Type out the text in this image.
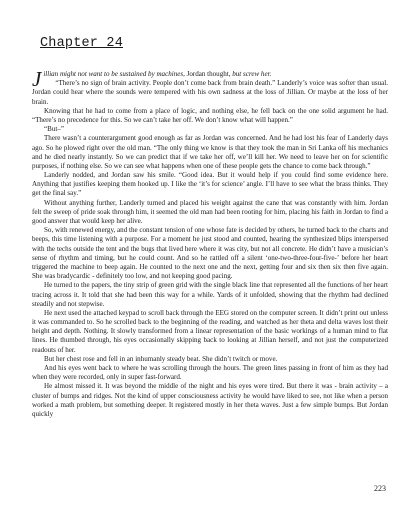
Chapter 24

Jillian might not want to be sustained by machines, Jordan thought, but screw her.

“There’s no sign of brain activity. People don’t come back from brain death.” Landerly’s voice was softer than usual. Jordan could hear where the sounds were tempered with his own sadness at the loss of Jillian. Or maybe at the loss of her brain.

Knowing that he had to come from a place of logic, and nothing else, he fell back on the one solid argument he had. “There’s no precedence for this. So we can’t take her off. We don’t know what will happen.”

“But–”

There wasn’t a counterargument good enough as far as Jordan was concerned. And he had lost his fear of Landerly days ago. So he plowed right over the old man. “The only thing we know is that they took the man in Sri Lanka off his mechanics and he died nearly instantly. So we can predict that if we take her off, we’ll kill her. We need to leave her on for scientific purposes, if nothing else. So we can see what happens when one of these people gets the chance to come back through.”

Landerly nodded, and Jordan saw his smile. “Good idea. But it would help if you could find some evidence here. Anything that justifies keeping them hooked up. I like the ‘it’s for science’ angle. I’ll have to see what the brass thinks. They get the final say.”

Without anything further, Landerly turned and placed his weight against the cane that was constantly with him. Jordan felt the sweep of pride soak through him, it seemed the old man had been rooting for him, placing his faith in Jordan to find a good answer that would keep her alive.

So, with renewed energy, and the constant tension of one whose fate is decided by others, he turned back to the charts and beeps, this time listening with a purpose. For a moment he just stood and counted, hearing the synthesized blips interspersed with the techs outside the tent and the bugs that lived here where it was city, but not all concrete. He didn’t have a musician’s sense of rhythm and timing, but he could count. And so he rattled off a silent ‘one-two-three-four-five-’ before her heart triggered the machine to beep again. He counted to the next one and the next, getting four and six then six then five again. She was bradycardic - definitely too low, and not keeping good pacing.

He turned to the papers, the tiny strip of green grid with the single black line that represented all the functions of her heart tracing across it. It told that she had been this way for a while. Yards of it unfolded, showing that the rhythm had declined steadily and not stepwise.

He next used the attached keypad to scroll back through the EEG stored on the computer screen. It didn’t print out unless it was commanded to. So he scrolled back to the beginning of the reading, and watched as her theta and delta waves lost their height and depth. Nothing. It slowly transformed from a linear representation of the basic workings of a human mind to flat lines. He thumbed through, his eyes occasionally skipping back to looking at Jillian herself, and not just the computerized readouts of her.

But her chest rose and fell in an inhumanly steady beat. She didn’t twitch or move.

And his eyes went back to where he was scrolling through the hours. The green lines passing in front of him as they had when they were recorded, only in super fast-forward.

He almost missed it. It was beyond the middle of the night and his eyes were tired. But there it was - brain activity – a cluster of bumps and ridges. Not the kind of upper consciousness activity he would have liked to see, not like when a person worked a math problem, but something deeper. It registered mostly in her theta waves. Just a few simple bumps. But Jordan quickly

223
